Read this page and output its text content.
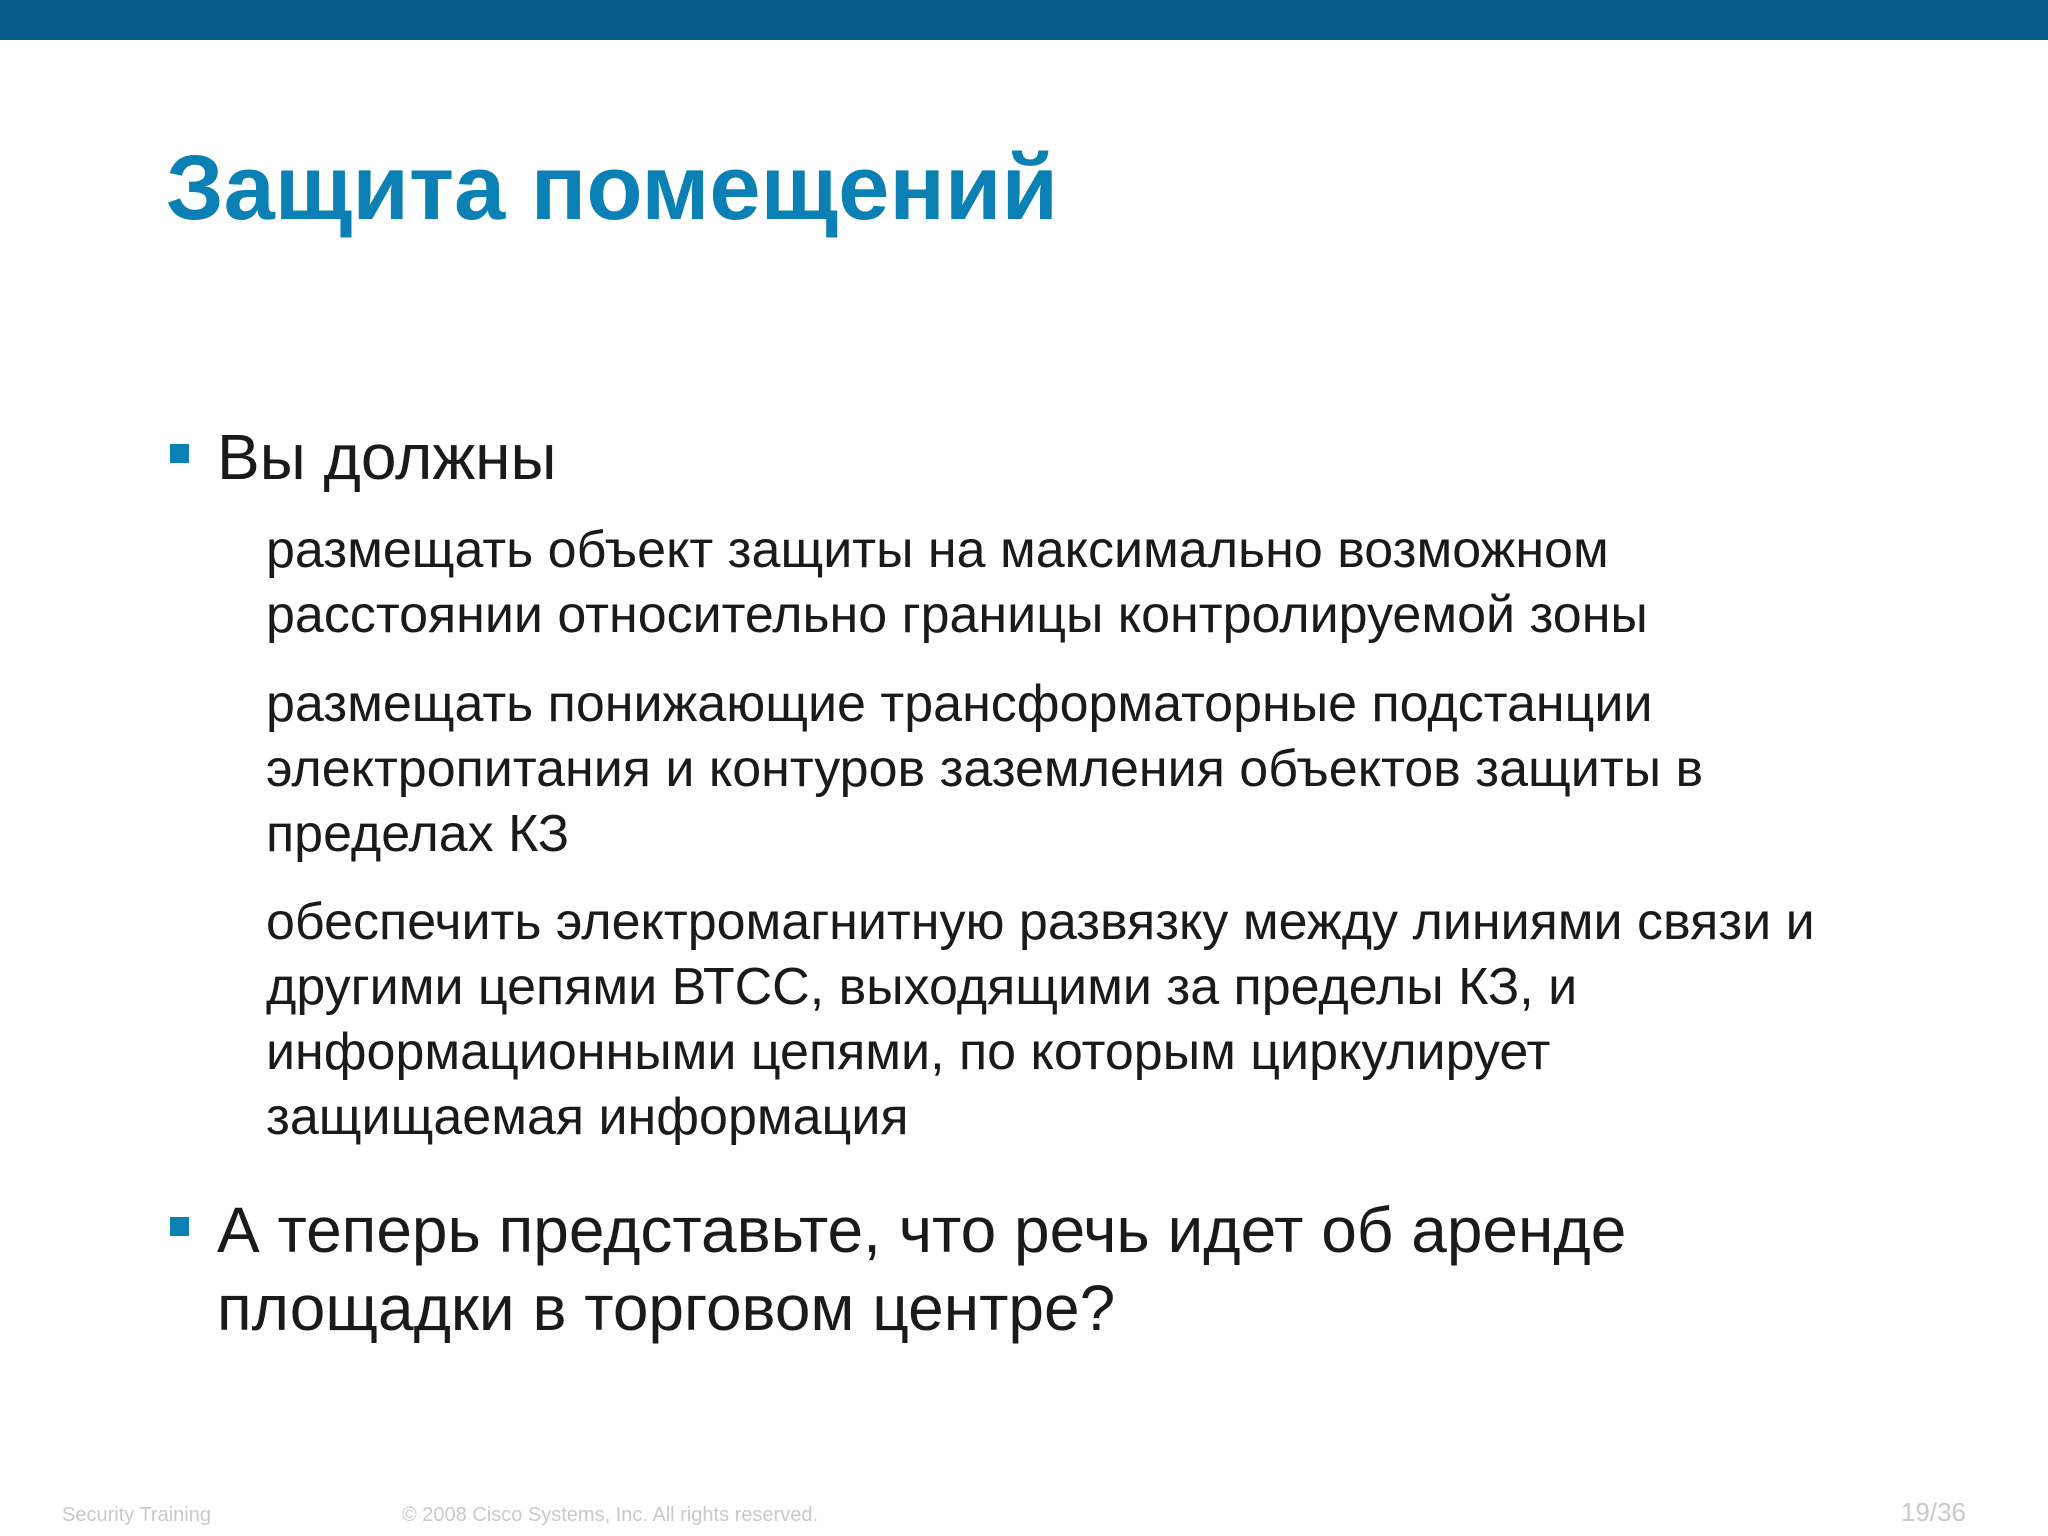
Защита помещений
Вы должны
размещать объект защиты на максимально возможном
расстоянии относительно границы контролируемой зоны
размещать понижающие трансформаторные подстанции
электропитания и контуров заземления объектов защиты в
пределах КЗ
обеспечить электромагнитную развязку между линиями связи и
другими цепями ВТСС, выходящими за пределы КЗ, и
информационными цепями, по которым циркулирует
защищаемая информация
А теперь представьте, что речь идет об аренде
площадки в торговом центре?
Security Training	© 2008 Cisco Systems, Inc. All rights reserved.	19/36
